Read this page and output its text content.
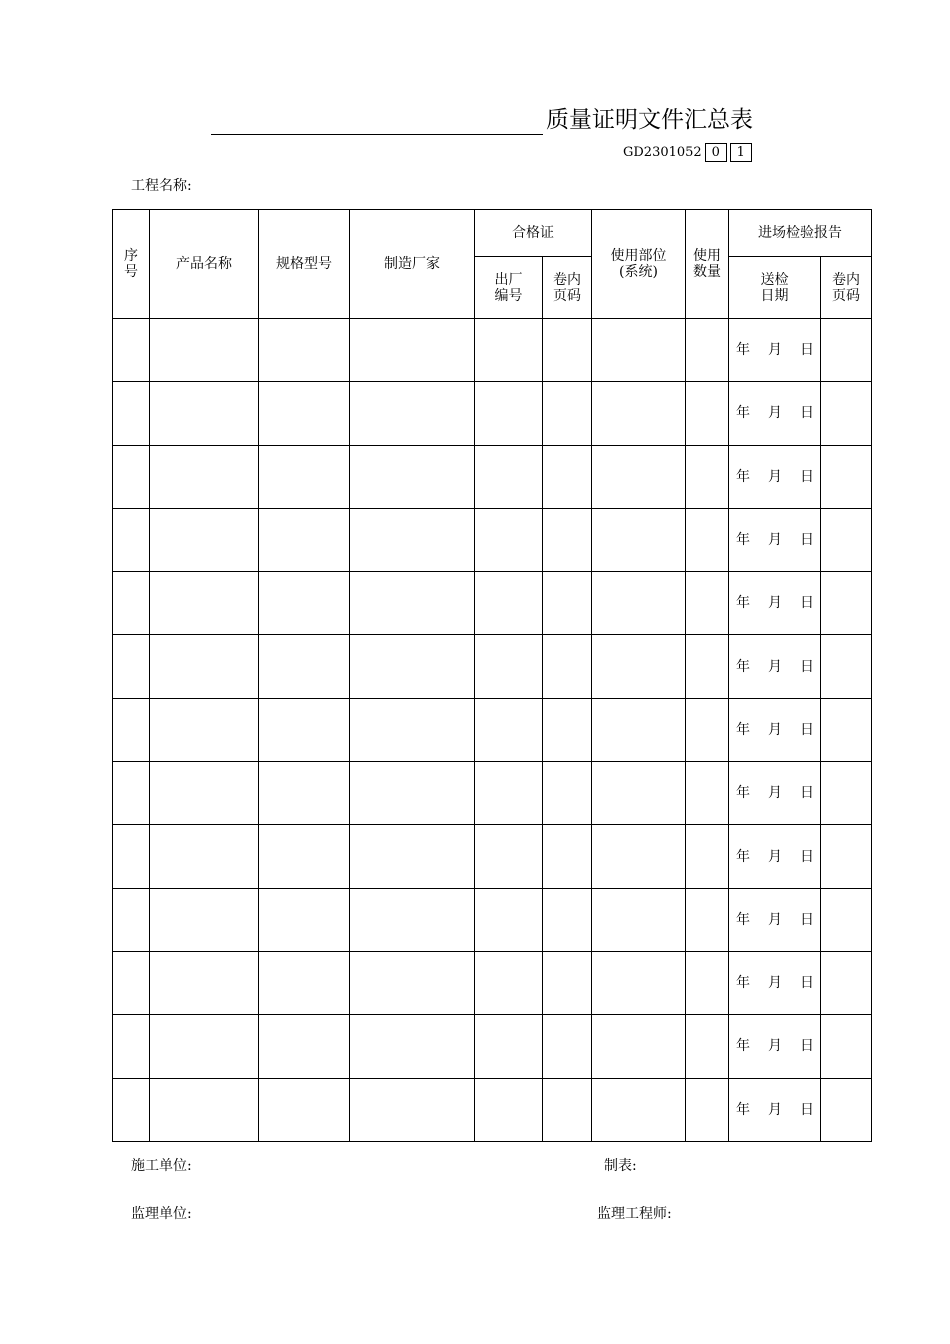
质量证明文件汇总表
GD2301052 0	1
工程名称:
序号	产品名称	规格型号	制造厂家	合格证		使用部位(系统)	使用数量	进场检验报告	
				出厂编号	卷内页码			送检日期	卷内页码

								年 月 日	

								年 月 日	

								年 月 日	

								年 月 日	

								年 月 日	

								年 月 日	

								年 月 日	

								年 月 日	

								年 月 日	

								年 月 日	

								年 月 日	

								年 月 日	

								年 月 日	

施工单位:	制表:
监理单位:	监理工程师:
